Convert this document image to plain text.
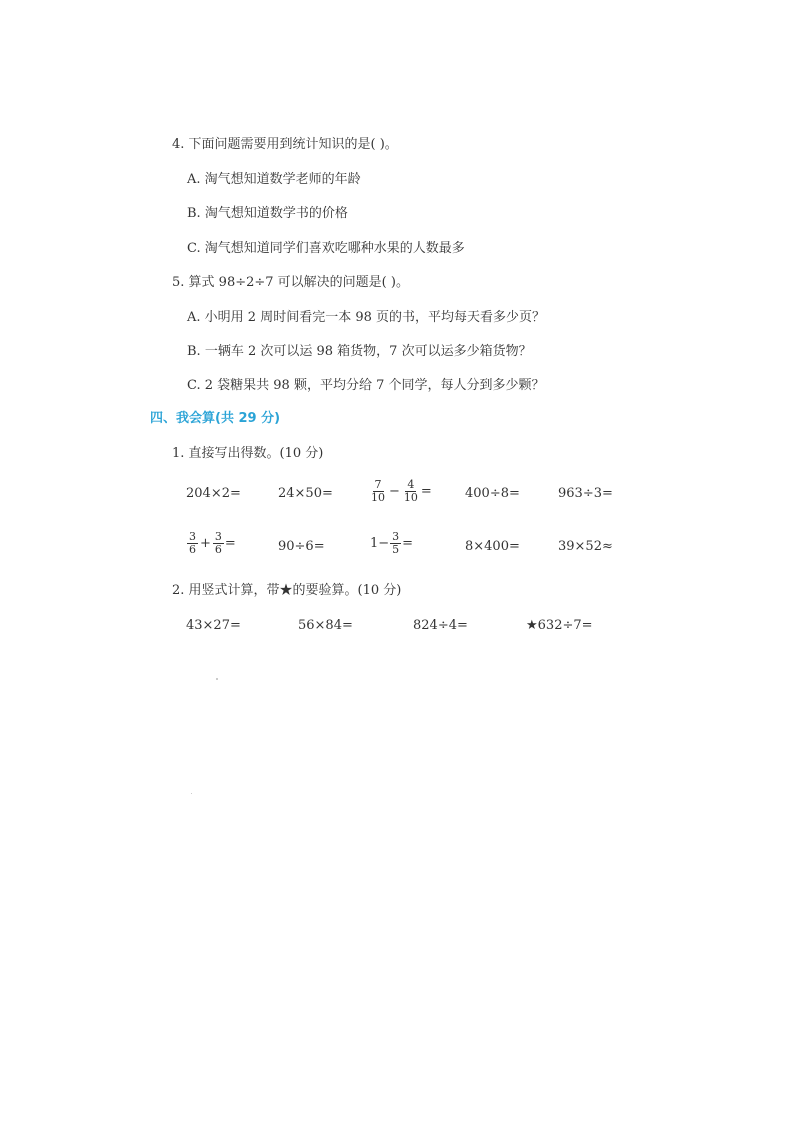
4. 下面问题需要用到统计知识的是( )。
A. 淘气想知道数学老师的年龄
B. 淘气想知道数学书的价格
C. 淘气想知道同学们喜欢吃哪种水果的人数最多
5. 算式 98÷2÷7 可以解决的问题是( )。
A. 小明用 2 周时间看完一本 98 页的书，平均每天看多少页？
B. 一辆车 2 次可以运 98 箱货物，7 次可以运多少箱货物？
C. 2 袋糖果共 98 颗，平均分给 7 个同学，每人分到多少颗？
四、我会算(共 29 分)
1. 直接写出得数。(10 分)
204×2=	24×50=	$\frac{7}{10} - \frac{4}{10}$ =	400÷8=	963÷3=
$\frac{3}{6} + \frac{3}{6}$ =	90÷6=	$1- \frac{3}{5}$ =	8×400=	39×52≈
2. 用竖式计算，带★的要验算。(10 分)
43×27=	56×84=	824÷4=	★632÷7=
